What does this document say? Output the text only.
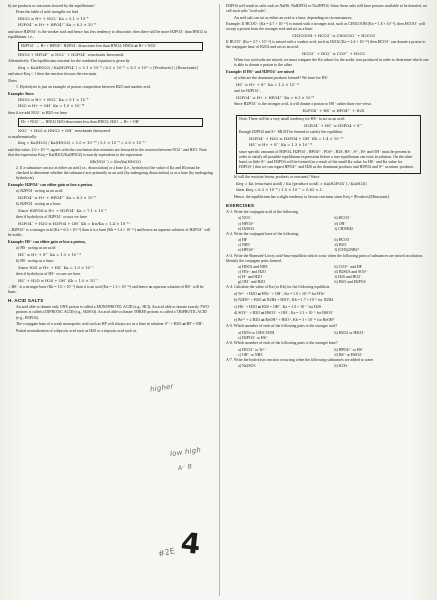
b) are products or reactants favored by the equilibrium?

From the table of acid strengths we find

HNO2 ⇌ H+ + NO2⁻ Ka = 5.1 × 10⁻⁴

H2PO4⁻ ⇌ H+ + HPO4²⁻ Ka = 6.3 × 10⁻⁸

and since H2PO4⁻ is the weaker acid and hence has less tendency to dissociate, then there will be more H2PO4⁻ than HNO2 at equilibrium, i.e.,

H2PO4⁻ → H+ + HPO4²⁻ H2PO4⁻ dissociates less than HNO2; HNO2 ⇌ H+ + NO2⁻

HNO2 + HPO4²⁻ ⇌ NO2⁻ + H2PO4⁻ reactants favoured.

Alternatively: The equilibrium constant for the combined equation is given by

Keq = Ka(HNO2) / Ka(H2PO4⁻) = 5.1 × 10⁻⁴ / 6.3 × 10⁻⁸ = 8.1 × 10³ = [Products] / [Reactants]

and since Keq < 1 then the reaction favours the reactants.

Notes

1. Hydrolysis is just an example of proton competition between H2O and another acid.

Example: Since

HNO2 ⇌ H+ + NO2⁻ Ka = 5.1 × 10⁻⁴

H2O ⇌ H+ + OH⁻ Ka = 1.0 × 10⁻¹⁴

then if we add NO2⁻ to H2O we have

H+ + NO2⁻ ← HNO2 H2O dissociates less than HNO2; H2O → H+ + OH⁻

NO2⁻ + H2O ⇌ HNO2 + OH⁻ reactants favoured

or mathematically:

Keq = Ka(H2O) / Ka(HNO2) = 1.0 × 10⁻¹⁴ / 5.1 × 10⁻⁴ = 2.0 × 10⁻¹¹

and this value, 2.0 × 10⁻¹¹, agrees with the conclusion that reactants are favoured in the reaction between NO2⁻ and H2O. Note that the expression Keq = Ka(H2O)/Ka(HNO2) is exactly equivalent to the expression

Kb(NO2⁻) = Kw/Ka(HNO2)

2. If a substance can act as either an acid (i.e., dissociation) or a base (i.e., hydrolysis) the value of Ka and Kb must be checked to determine whether the substance acts primarily as an acid (by undergoing dissociation) or as a base (by undergoing hydrolysis).

Example: H2PO4⁻ can either gain or lose a proton.

a) H2PO4⁻ acting as an acid:

H2PO4⁻ ⇌ H+ + HPO4²⁻ Ka = 6.3 × 10⁻⁸

b) H2PO4⁻ acting as a base:

Since H3PO4 ⇌ H+ + H2PO4⁻ Ka = 7.1 × 10⁻³

then if hydrolysis of H2PO4⁻ occurs we have

H2PO4⁻ + H2O ⇌ H3PO4 + OH⁻ Kb = Kw/Ka = 1.4 × 10⁻¹²

∴ H2PO4⁻ is a stronger acid (Ka = 6.3 × 10⁻⁸) than it is a base (Kb = 1.4 × 10⁻¹²) and hence an aqueous solution of H2PO4⁻ will be acidic.

Example: HS⁻ can either gain or lose a proton,

a) HS⁻ acting as an acid:

HS⁻ ⇌ H+ + S²⁻ Ka = 1.3 × 10⁻¹³

b) HS⁻ acting as a base:

Since H2S ⇌ H+ + HS⁻ Ka = 1.0 × 10⁻⁷

then if hydrolysis of HS⁻ occurs we have

HS⁻ + H2O ⇌ H2S + OH⁻ Kb = 1.0 × 10⁻⁷

∴ HS⁻ is a stronger base (Kb = 1.0 × 10⁻⁷) than it is an acid (Ka = 1.3 × 10⁻¹³) and hence an aqueous solution of HS⁻ will be basic.

H. ACID SALTS

An acid able to donate only ONE proton is called a MONOPROTIC ACID (e.g., HCl). An acid able to donate exactly TWO protons is called a DIPROTIC ACID (e.g., H2SO4). An acid able to donate THREE protons is called a TRIPROTIC ACID (e.g., H3PO4).

The conjugate base of a weak monoprotic acid such as HF will always act as a base in solution: F⁻ + H2O ⇌ HF + OH⁻.

Partial neutralization of a diprotic acid such as H2S or a triprotic acid such as

H3PO4 will result in salts such as NaHS, NaH2PO4 or Na2HPO4. Since these salts still have protons available to be donated, we call such salts "acid salts".

An acid salt can act as either an acid or a base, depending on circumstances.

Example: If HCOO⁻ (Ka = 4.7 × 10⁻¹¹) is mixed with a stronger acid, such as CH3COOH (Ka = 1.8 × 10⁻⁵), then HCOO⁻ will accept a proton from the stronger acid and act as a base:

CH3COOH + HCO3⁻ ⇌ CH3COO⁻ + H2CO3

If HCO3⁻ (Ka = 4.7 × 10⁻¹¹) is mixed with a weaker acid, such as H2O2 (Ka = 2.4 × 10⁻¹²) then HCO3⁻ can donate a proton to the conjugate base of H2O2 and act as an acid:

HCO3⁻ + HO2⁻ ⇌ CO3²⁻ + H2O2

When two acid salts are mixed, we must compare the Ka values for the acidic ions produced in order to determine which one is able to donate a proton to the other.

Example: If HS⁻ and H2PO4⁻ are mixed

a) what are the dominant products formed? We have for HS⁻

HS⁻ ⇌ H+ + S²⁻ Ka = 1.3 × 10⁻¹³

and for H2PO4⁻,

H2PO4⁻ ⇌ H+ + HPO4²⁻ Ka = 6.3 × 10⁻⁸

Since H2PO4⁻ is the stronger acid, it will donate a proton to HS⁻ rather than vice versa:

H2PO4⁻ + HS⁻ ⇌ HPO4²⁻ + H2S

Note: There will be a very small tendency for HS⁻ to act as an acid:

H2PO4⁻ + HS⁻ ⇌ H3PO4 + S²⁻

Enough H2PO4 and S²⁻ MUST be formed to satisfy the equilibria.

H2PO4⁻ + H2O ⇌ H3PO4 + OH⁻ Kb = 1.4 × 10⁻¹²

HS⁻ ⇌ H+ + S²⁻ Ka = 1.3 × 10⁻¹³

since specific amounts of H3PO4, H2PO4⁻, HPO4²⁻, PO4³⁻, H2S, HS⁻, S²⁻, H+ and OH⁻ must be present in order to satisfy all possible equilibrium expressions before a true equilibrium can exist in solution. On the other hand, so little S²⁻ and H3PO4 will be formed (as a result of the small Ka value for HS⁻ and Ka value for H3PO4⁻) that we can regard HPO4²⁻ and H2S as the dominant products and H3PO4 and S²⁻ as minor products.

b) will the reaction favour products or reactants? Since

Keq = Ka (reactant acid) / Ka (product acid) = Ka(H2PO4⁻) / Ka(H2S)

then Keq = 6.3 × 10⁻⁸ / 1.0 × 10⁻⁷ = 0.63 < 1.

Hence, the equilibrium has a slight tendency to favour reactants since Keq = [Products]/[Reactants].

EXERCISES

A-1. Write the conjugate acid of the following

a) NO3⁻	b) HCO3⁻
c) HPO4²⁻	d) OH⁻
e) H2SO4	f) CH3NH2

A-2. Write the conjugate base of the following

a) HF	b) HCO3⁻
c) NH3	d) H2O
e) HPO4²⁻	f) (CH3)2NH2⁺

A-3. Write the Brønsted-Lowry acid-base equilibria which occur when the following pairs of substances are mixed in solution. Identify the conjugate pairs formed.

a) HNO3 and NH3	b) CO3²⁻ and HF
c) HTe⁻ and H2O	d) H2SO3 and SO3²⁻
e) H⁻ and H2O	f) H2S and HO2⁻
g) OH⁻ and H2O	h) H2O and H2PO4

A-4. Calculate the value of Ka (or Kb) for the following equilibria.

a) Te²⁻ + H2O ⇌ HTe⁻ + OH⁻, Ka = 1.0 × 10⁻¹⁰ for HTe⁻

b) N2H5⁺ + H2O ⇌ N2H4 + H3O⁺, Kb = 1.7 × 10⁻⁶ for N2H4

c) HS⁻ + H2O ⇌ H2S + OH⁻, Ka = 1.0 × 10⁻⁷ for H2S

d) SO3²⁻ + H2O ⇌ HSO3⁻ + OH⁻, Ka = 1.3 × 10⁻² for HSO3⁻

e) Be²⁺ + 2 H2O ⇌ BeOH⁺ + H3O⁺, Kb = 3 × 10⁻¹¹ for BeOH⁺

A-5. Which member of each of the following pairs is the stronger acid?

a) H2Te or CH3COOH	b) H2O2 or HSO3⁻
c) H2PO4⁻ or HS⁻

A-6. Which member of each of the following pairs is the stronger base?

a) HCO3⁻ or Te²⁻	b) HPO4²⁻ or HS⁻
c) OH⁻ or NH3	d) HS⁻ or HSO4⁻

A-7. Write the hydrolysis reaction occurring when the following substances are added to water

a) Na2SO3	b) K2Te
higher
low high
A⁻ B
#2E 4
